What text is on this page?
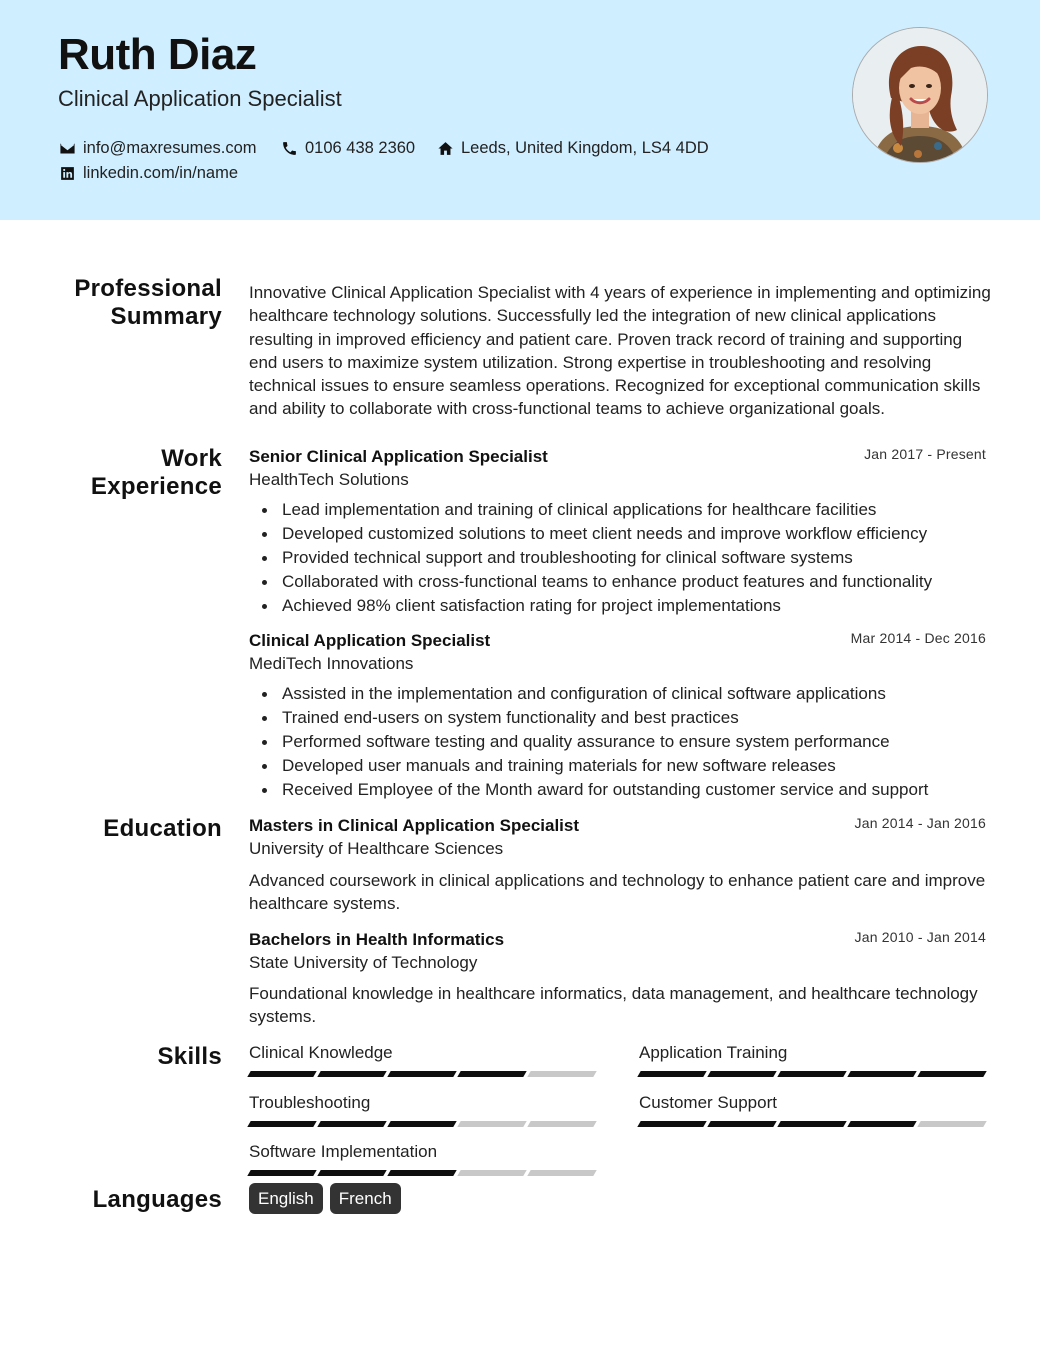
Ruth Diaz
Clinical Application Specialist
info@maxresumes.com	0106 438 2360	Leeds, United Kingdom, LS4 4DD
linkedin.com/in/name
Professional
Summary

Innovative Clinical Application Specialist with 4 years of experience in implementing and optimizing healthcare technology solutions. Successfully led the integration of new clinical applications resulting in improved efficiency and patient care. Proven track record of training and supporting end users to maximize system utilization. Strong expertise in troubleshooting and resolving technical issues to ensure seamless operations. Recognized for exceptional communication skills and ability to collaborate with cross-functional teams to achieve organizational goals.

Work
Experience
Senior Clinical Application Specialist	Jan 2017 - Present
HealthTech Solutions
Lead implementation and training of clinical applications for healthcare facilities
Developed customized solutions to meet client needs and improve workflow efficiency
Provided technical support and troubleshooting for clinical software systems
Collaborated with cross-functional teams to enhance product features and functionality
Achieved 98% client satisfaction rating for project implementations
Clinical Application Specialist	Mar 2014 - Dec 2016
MediTech Innovations
Assisted in the implementation and configuration of clinical software applications
Trained end-users on system functionality and best practices
Performed software testing and quality assurance to ensure system performance
Developed user manuals and training materials for new software releases
Received Employee of the Month award for outstanding customer service and support
Education Masters in Clinical Application Specialist	Jan 2014 - Jan 2016
University of Healthcare Sciences

Advanced coursework in clinical applications and technology to enhance patient care and improve healthcare systems.

Bachelors in Health Informatics	Jan 2010 - Jan 2014
State University of Technology

Foundational knowledge in healthcare informatics, data management, and healthcare technology systems.

Skills Clinical Knowledge	Application Training
Troubleshooting	Customer Support
Software Implementation
Languages	English	French
